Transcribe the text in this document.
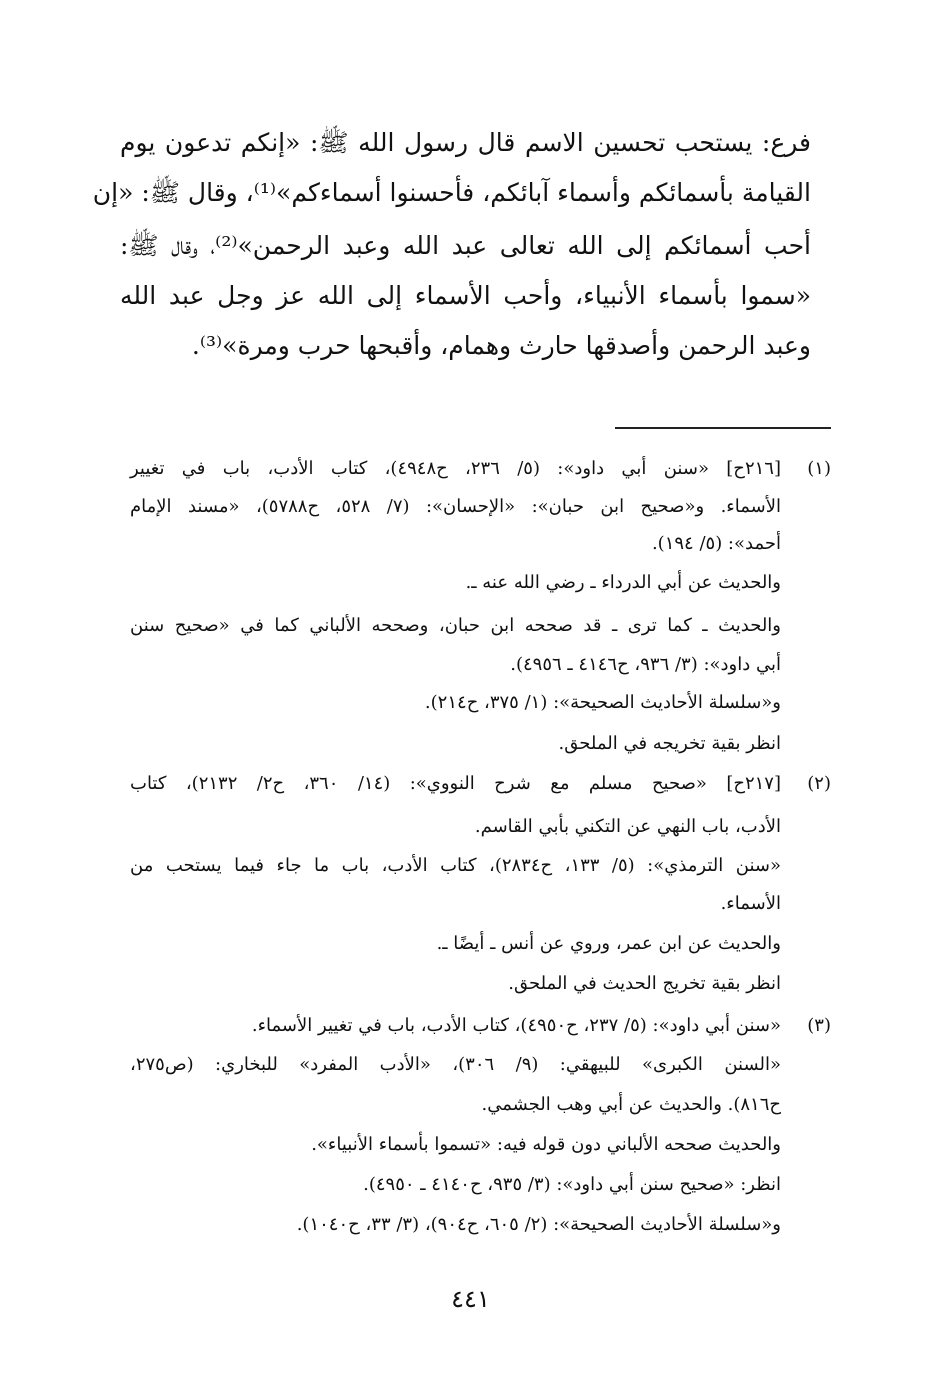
فرع: يستحب تحسين الاسم قال رسول الله ﷺ: «إنكم تدعون يوم
القيامة بأسمائكم وأسماء آبائكم، فأحسنوا أسماءكم»⁽¹⁾، وقال ﷺ: «إن
أحب أسمائكم إلى الله تعالى عبد الله وعبد الرحمن»⁽²⁾، وقال ﷺ:
«سموا بأسماء الأنبياء، وأحب الأسماء إلى الله عز وجل عبد الله
وعبد الرحمن وأصدقها حارث وهمام، وأقبحها حرب ومرة»⁽³⁾.
(١)
[٢١٦ح] «سنن أبي داود»: (٥/ ٢٣٦، ح٤٩٤٨)، كتاب الأدب، باب في تغيير
الأسماء. و«صحيح ابن حبان»: «الإحسان»: (٧/ ٥٢٨، ح٥٧٨٨)، «مسند الإمام
أحمد»: (٥/ ١٩٤).
والحديث عن أبي الدرداء ـ رضي الله عنه ـ.
والحديث ـ كما ترى ـ قد صححه ابن حبان، وصححه الألباني كما في «صحيح سنن
أبي داود»: (٣/ ٩٣٦، ح٤١٤٦ ـ ٤٩٥٦).
و«سلسلة الأحاديث الصحيحة»: (١/ ٣٧٥، ح٢١٤).
انظر بقية تخريجه في الملحق.
(٢)
[٢١٧ح] «صحيح مسلم مع شرح النووي»: (١٤/ ٣٦٠، ح٢/ ٢١٣٢)، كتاب
الأدب، باب النهي عن التكني بأبي القاسم.
«سنن الترمذي»: (٥/ ١٣٣، ح٢٨٣٤)، كتاب الأدب، باب ما جاء فيما يستحب من
الأسماء.
والحديث عن ابن عمر، وروي عن أنس ـ أيضًا ـ.
انظر بقية تخريج الحديث في الملحق.
(٣)
«سنن أبي داود»: (٥/ ٢٣٧، ح٤٩٥٠)، كتاب الأدب، باب في تغيير الأسماء.
«السنن الكبرى» للبيهقي: (٩/ ٣٠٦)، «الأدب المفرد» للبخاري: (ص٢٧٥،
ح٨١٦). والحديث عن أبي وهب الجشمي.
والحديث صححه الألباني دون قوله فيه: «تسموا بأسماء الأنبياء».
انظر: «صحيح سنن أبي داود»: (٣/ ٩٣٥، ح٤١٤٠ ـ ٤٩٥٠).
و«سلسلة الأحاديث الصحيحة»: (٢/ ٦٠٥، ح٩٠٤)، (٣/ ٣٣، ح١٠٤٠).
٤٤١
